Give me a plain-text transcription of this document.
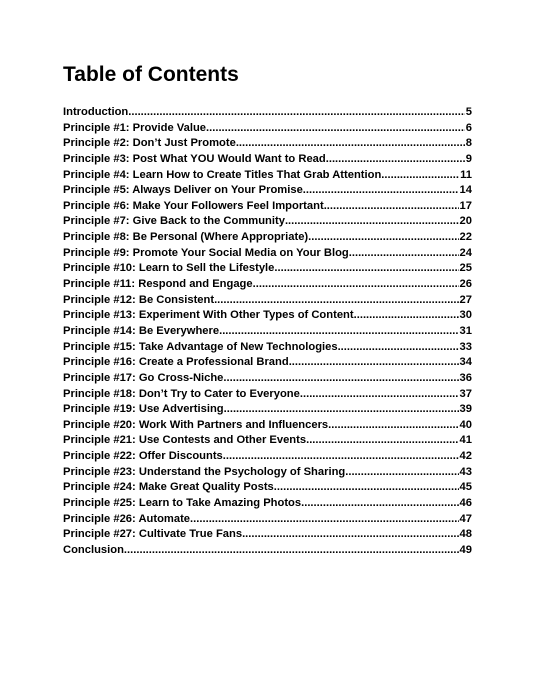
Table of Contents
Introduction .....	5
Principle #1: Provide Value .....	6
Principle #2: Don’t Just Promote .....	8
Principle #3: Post What YOU Would Want to Read .....	9
Principle #4: Learn How to Create Titles That Grab Attention .....	11
Principle #5: Always Deliver on Your Promise .....	14
Principle #6: Make Your Followers Feel Important .....	17
Principle #7: Give Back to the Community .....	20
Principle #8: Be Personal (Where Appropriate) .....	22
Principle #9: Promote Your Social Media on Your Blog .....	24
Principle #10: Learn to Sell the Lifestyle .....	25
Principle #11: Respond and Engage .....	26
Principle #12: Be Consistent .....	27
Principle #13: Experiment With Other Types of Content .....	30
Principle #14: Be Everywhere .....	31
Principle #15: Take Advantage of New Technologies .....	33
Principle #16: Create a Professional Brand .....	34
Principle #17: Go Cross-Niche .....	36
Principle #18: Don’t Try to Cater to Everyone .....	37
Principle #19: Use Advertising .....	39
Principle #20: Work With Partners and Influencers .....	40
Principle #21: Use Contests and Other Events .....	41
Principle #22: Offer Discounts .....	42
Principle #23: Understand the Psychology of Sharing .....	43
Principle #24: Make Great Quality Posts .....	45
Principle #25: Learn to Take Amazing Photos .....	46
Principle #26: Automate .....	47
Principle #27: Cultivate True Fans .....	48
Conclusion .....	49
